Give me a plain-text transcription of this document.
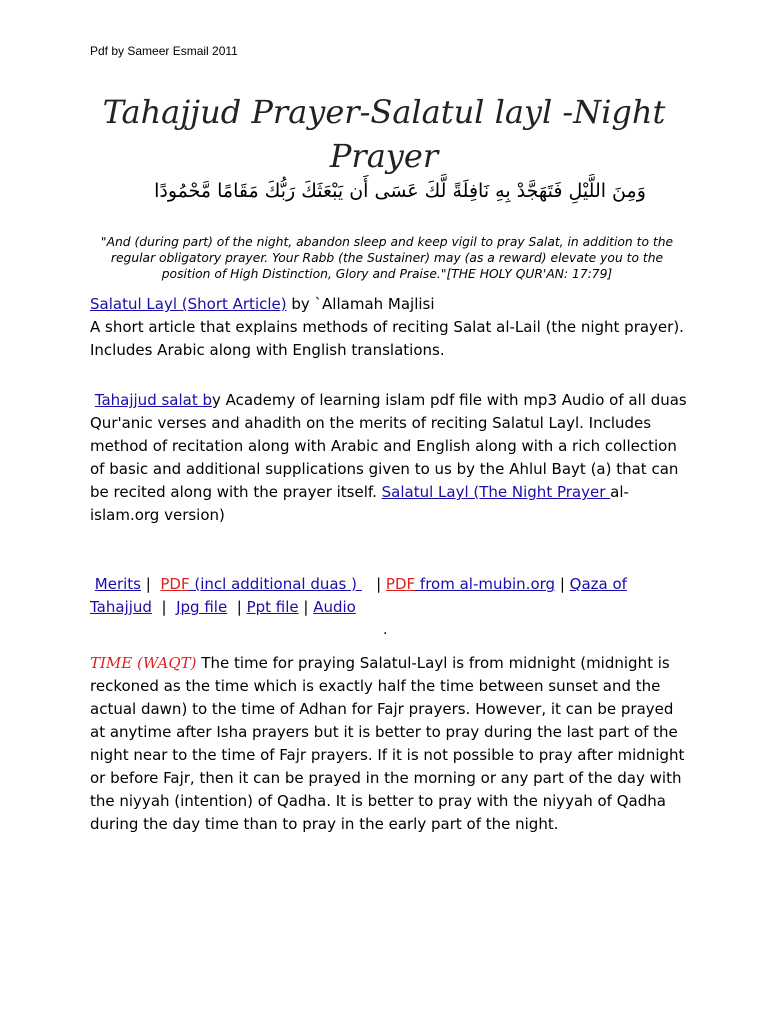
Pdf by Sameer Esmail 2011
Tahajjud Prayer-Salatul layl -Night Prayer
وَمِنَ اللَّيْلِ فَتَهَجَّدْ بِهِ نَافِلَةً لَّكَ عَسَى أَن يَبْعَثَكَ رَبُّكَ مَقَامًا مَّحْمُودًا
"And (during part) of the night, abandon sleep and keep vigil to pray Salat, in addition to the regular obligatory prayer. Your Rabb (the Sustainer) may (as a reward) elevate you to the position of High Distinction, Glory and Praise."[THE HOLY QUR'AN: 17:79]
Salatul Layl (Short Article) by `Allamah Majlisi
A short article that explains methods of reciting Salat al-Lail (the night prayer). Includes Arabic along with English translations.
Tahajjud salat by Academy of learning islam pdf file with mp3 Audio of all duas
Qur'anic verses and ahadith on the merits of reciting Salatul Layl. Includes method of recitation along with Arabic and English along with a rich collection of basic and additional supplications given to us by the Ahlul Bayt (a) that can be recited along with the prayer itself. Salatul Layl (The Night Prayer al-islam.org version)
Merits |  PDF (incl additional duas )    | PDF from al-mubin.org | Qaza of Tahajjud  |  Jpg file  | Ppt file | Audio
.
TIME (WAQT) The time for praying Salatul-Layl is from midnight (midnight is reckoned as the time which is exactly half the time between sunset and the actual dawn) to the time of Adhan for Fajr prayers. However, it can be prayed at anytime after Isha prayers but it is better to pray during the last part of the night near to the time of Fajr prayers. If it is not possible to pray after midnight or before Fajr, then it can be prayed in the morning or any part of the day with the niyyah (intention) of Qadha. It is better to pray with the niyyah of Qadha during the day time than to pray in the early part of the night.
